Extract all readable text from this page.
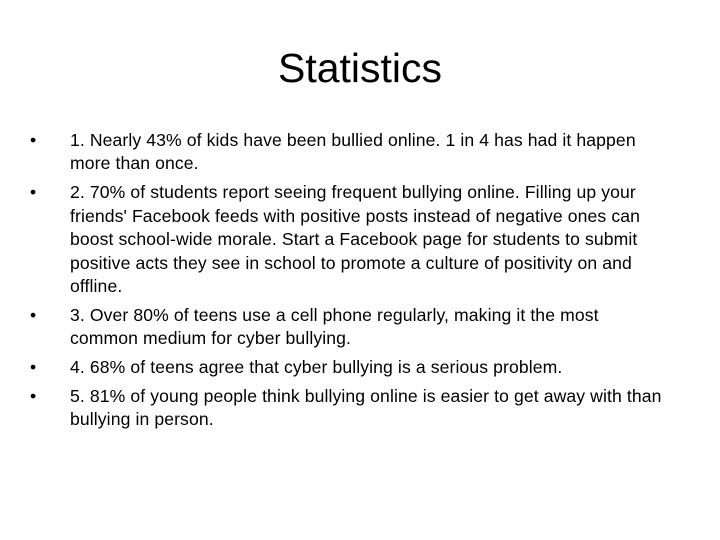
Statistics
•	1. Nearly 43% of kids have been bullied online. 1 in 4 has had it happen more than once.
•	2. 70% of students report seeing frequent bullying online. Filling up your friends' Facebook feeds with positive posts instead of negative ones can boost school-wide morale. Start a Facebook page for students to submit positive acts they see in school to promote a culture of positivity on and offline.
•	3. Over 80% of teens use a cell phone regularly, making it the most common medium for cyber bullying.
•	4. 68% of teens agree that cyber bullying is a serious problem.
•	5. 81% of young people think bullying online is easier to get away with than bullying in person.
